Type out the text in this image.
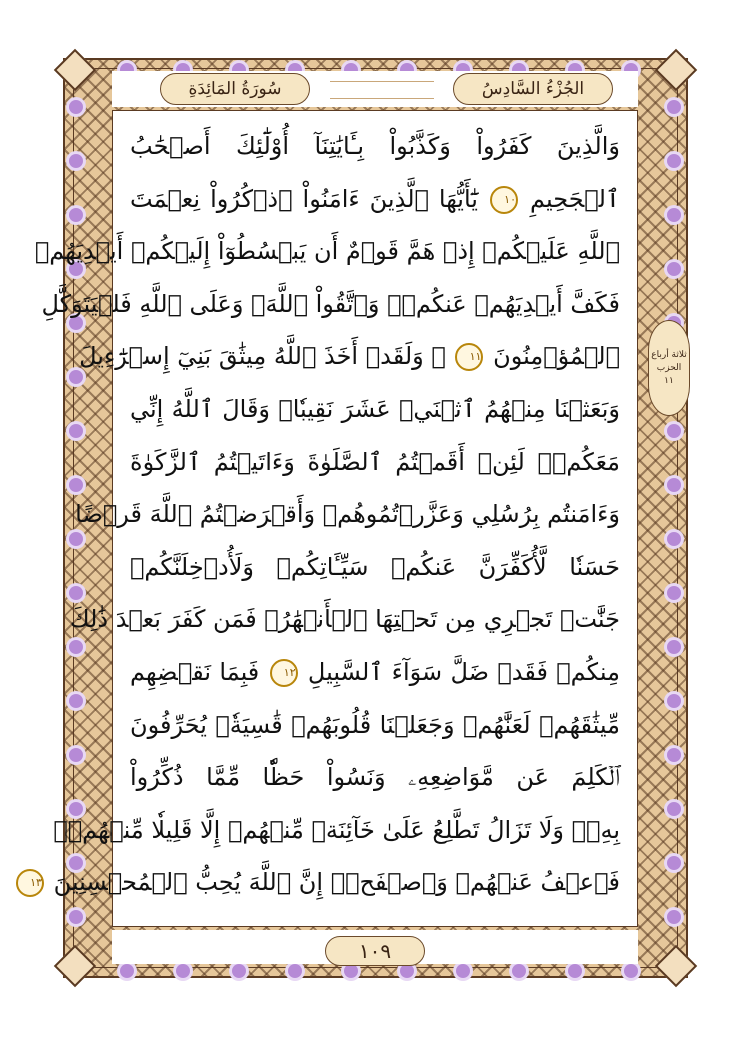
سُورَةُ المَائِدَةِ	الجُزْءُ السَّادِسُ
وَالَّذِينَ كَفَرُواْ وَكَذَّبُواْ بِـَٔايَٰتِنَآ أُوْلَٰٓئِكَ أَصۡحَٰبُ
ٱلۡجَحِيمِ ١٠ يَٰٓأَيُّهَا ٱلَّذِينَ ءَامَنُواْ ٱذۡكُرُواْ نِعۡمَتَ
ٱللَّهِ عَلَيۡكُمۡ إِذۡ هَمَّ قَوۡمٌ أَن يَبۡسُطُوٓاْ إِلَيۡكُمۡ أَيۡدِيَهُمۡ
فَكَفَّ أَيۡدِيَهُمۡ عَنكُمۡۖ وَٱتَّقُواْ ٱللَّهَۚ وَعَلَى ٱللَّهِ فَلۡيَتَوَكَّلِ
ٱلۡمُؤۡمِنُونَ ١١ ۞ وَلَقَدۡ أَخَذَ ٱللَّهُ مِيثَٰقَ بَنِيٓ إِسۡرَٰٓءِيلَ
وَبَعَثۡنَا مِنۡهُمُ ٱثۡنَيۡ عَشَرَ نَقِيبٗاۖ وَقَالَ ٱللَّهُ إِنِّي
مَعَكُمۡۖ لَئِنۡ أَقَمۡتُمُ ٱلصَّلَوٰةَ وَءَاتَيۡتُمُ ٱلزَّكَوٰةَ
وَءَامَنتُم بِرُسُلِي وَعَزَّرۡتُمُوهُمۡ وَأَقۡرَضۡتُمُ ٱللَّهَ قَرۡضًا
حَسَنٗا لَّأُكَفِّرَنَّ عَنكُمۡ سَيِّـَٔاتِكُمۡ وَلَأُدۡخِلَنَّكُمۡ
جَنَّٰتٖ تَجۡرِي مِن تَحۡتِهَا ٱلۡأَنۡهَٰرُۚ فَمَن كَفَرَ بَعۡدَ ذَٰلِكَ
مِنكُمۡ فَقَدۡ ضَلَّ سَوَآءَ ٱلسَّبِيلِ ١٢ فَبِمَا نَقۡضِهِم
مِّيثَٰقَهُمۡ لَعَنَّٰهُمۡ وَجَعَلۡنَا قُلُوبَهُمۡ قَٰسِيَةٗۖ يُحَرِّفُونَ
ٱلۡكَلِمَ عَن مَّوَاضِعِهِۦ وَنَسُواْ حَظّٗا مِّمَّا ذُكِّرُواْ
بِهِۦۚ وَلَا تَزَالُ تَطَّلِعُ عَلَىٰ خَآئِنَةٖ مِّنۡهُمۡ إِلَّا قَلِيلٗا مِّنۡهُمۡۖ
فَٱعۡفُ عَنۡهُمۡ وَٱصۡفَحۡۚ إِنَّ ٱللَّهَ يُحِبُّ ٱلۡمُحۡسِنِينَ ١٣
ثلاثة أرباع
الحزب
١١
١٠٩
